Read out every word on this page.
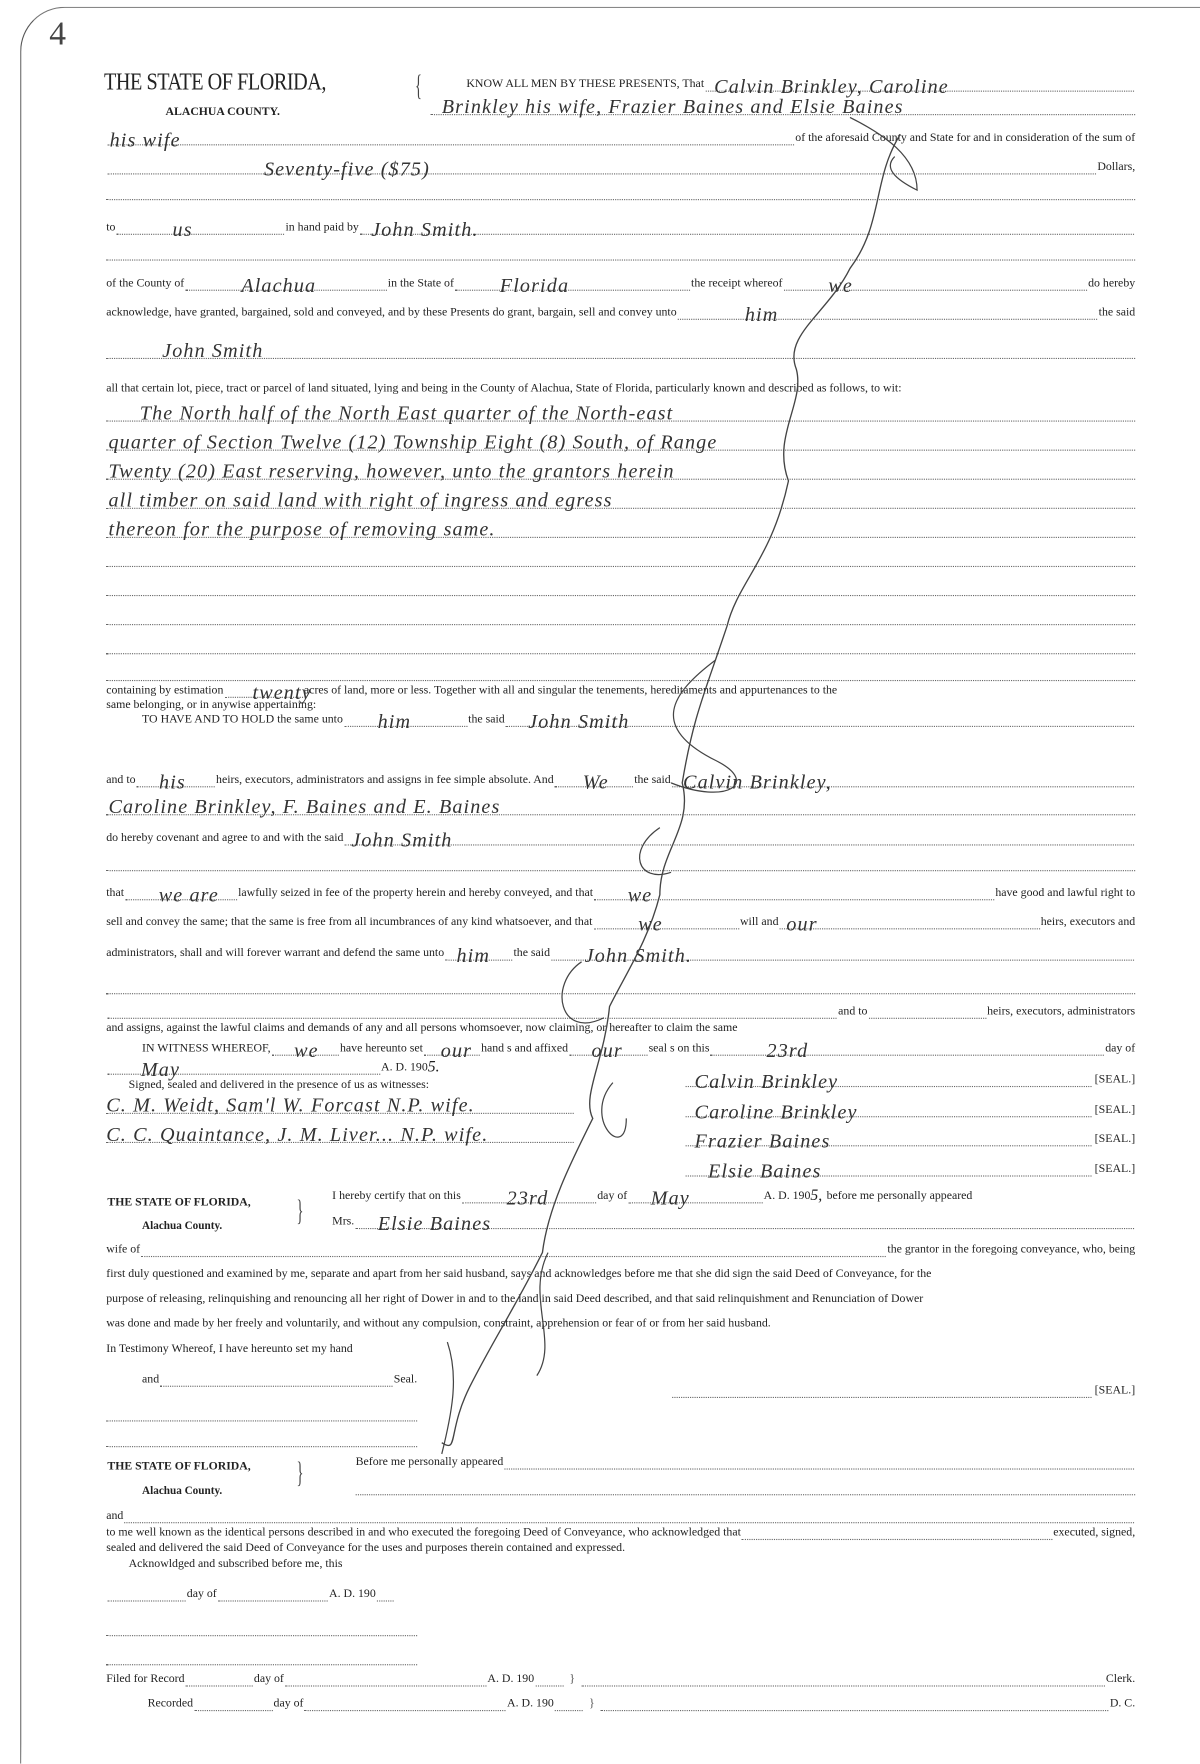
4
THE STATE OF FLORIDA,
ALACHUA COUNTY.
{	KNOW ALL MEN BY THESE PRESENTS, That Calvin Brinkley, Caroline
Brinkley his wife, Frazier Baines and Elsie Baines
his wife	of the aforesaid County and State for and in consideration of the sum of
Seventy-five ($75)	Dollars,
to	us	in hand paid by John Smith.
of the County of	Alachua	in the State of	Florida	the receipt whereof	we	do hereby
acknowledge, have granted, bargained, sold and conveyed, and by these Presents do grant, bargain, sell and convey unto	him	the said
John Smith
all that certain lot, piece, tract or parcel of land situated, lying and being in the County of Alachua, State of Florida, particularly known and described as follows, to wit:
The North half of the North East quarter of the North-east
quarter of Section Twelve (12) Township Eight (8) South, of Range
Twenty (20) East reserving, however, unto the grantors herein
all timber on said land with right of ingress and egress
thereon for the purpose of removing same.
containing by estimation twenty
acres of land, more or less. Together with all and singular the tenements, hereditaments and appurtenances to the
same belonging, or in anywise appertaining:
TO HAVE AND TO HOLD the same unto him	the said John Smith
and to his	heirs, executors, administrators and assigns in fee simple absolute. And We the said Calvin Brinkley,
Caroline Brinkley, F. Baines and E. Baines
do hereby covenant and agree to and with the said John Smith
that we are lawfully seized in fee of the property herein and hereby conveyed, and that we	have good and lawful right to
sell and convey the same; that the same is free from all incumbrances of any kind whatsoever, and that	we	will and our	heirs, executors and
administrators, shall and will forever warrant and defend the same unto him the said John Smith.
and to	heirs, executors, administrators
and assigns, against the lawful claims and demands of any and all persons whomsoever, now claiming, or hereafter to claim the same
IN WITNESS WHEREOF, we have hereunto set our hand s and affixed our seal s on this	23rd	day of
May	A. D. 190 5.
Signed, sealed and delivered in the presence of us as witnesses:
C. M. Weidt, Sam'l W. Forcast N.P. wife.
C. C. Quaintance, J. M. Liver... N.P. wife.
Calvin Brinkley	[SEAL.]
Caroline Brinkley	[SEAL.]
Frazier Baines	[SEAL.]
Elsie Baines	[SEAL.]
THE STATE OF FLORIDA,
Alachua County.	}	I hereby certify that on this	23rd	day of May	A. D. 190 5, before me personally appeared
Mrs. Elsie Baines
wife of	the grantor in the foregoing conveyance, who, being
first duly questioned and examined by me, separate and apart from her said husband, says and acknowledges before me that she did sign the said Deed of Conveyance, for the
purpose of releasing, relinquishing and renouncing all her right of Dower in and to the land in said Deed described, and that said relinquishment and Renunciation of Dower
was done and made by her freely and voluntarily, and without any compulsion, constraint, apprehension or fear of or from her said husband.
In Testimony Whereof, I have hereunto set my hand
and	Seal.
[SEAL.]
THE STATE OF FLORIDA,
Alachua County.
}	Before me personally appeared
and
to me well known as the identical persons described in and who executed the foregoing Deed of Conveyance, who acknowledged that	executed, signed,
sealed and delivered the said Deed of Conveyance for the uses and purposes therein contained and expressed.
Acknowldged and subscribed before me, this
day of	A. D. 190
Filed for Record	day of	A. D. 190	}	Clerk.
Recorded	day of	A. D. 190	}	D. C.
